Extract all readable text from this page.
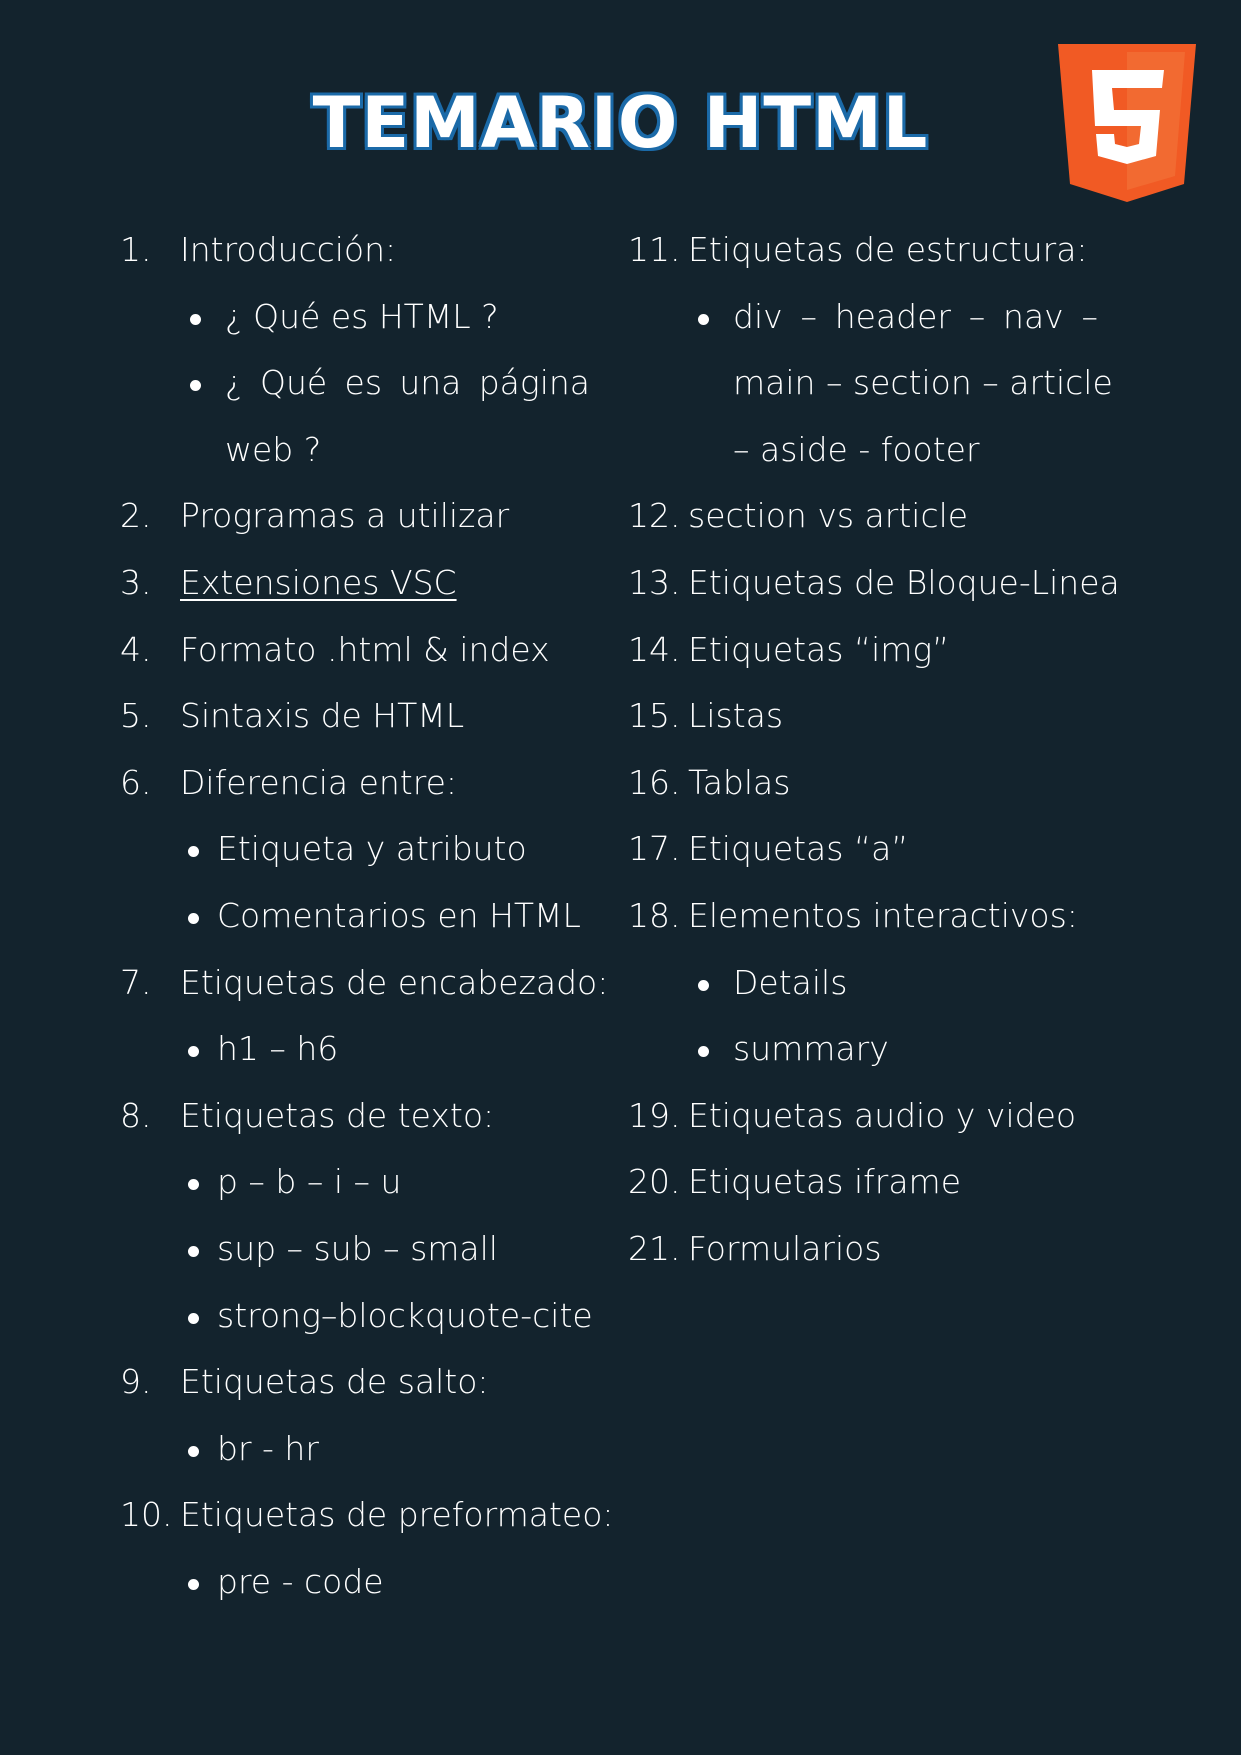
TEMARIO HTML
1. Introducción:
¿ Qué es HTML ?
¿ Qué es una página
web ?
2. Programas a utilizar
3. Extensiones VSC
4. Formato .html & index
5. Sintaxis de HTML
6. Diferencia entre:
Etiqueta y atributo
Comentarios en HTML
7. Etiquetas de encabezado:
h1 – h6
8. Etiquetas de texto:
p – b – i – u
sup – sub – small
strong–blockquote-cite
9. Etiquetas de salto:
br - hr
10. Etiquetas de preformateo:
pre - code
11. Etiquetas de estructura:
div – header – nav –
main – section – article
– aside - footer
12. section vs article
13. Etiquetas de Bloque-Linea
14. Etiquetas “img”
15. Listas
16. Tablas
17. Etiquetas “a”
18. Elementos interactivos:
Details
summary
19. Etiquetas audio y video
20. Etiquetas iframe
21. Formularios
